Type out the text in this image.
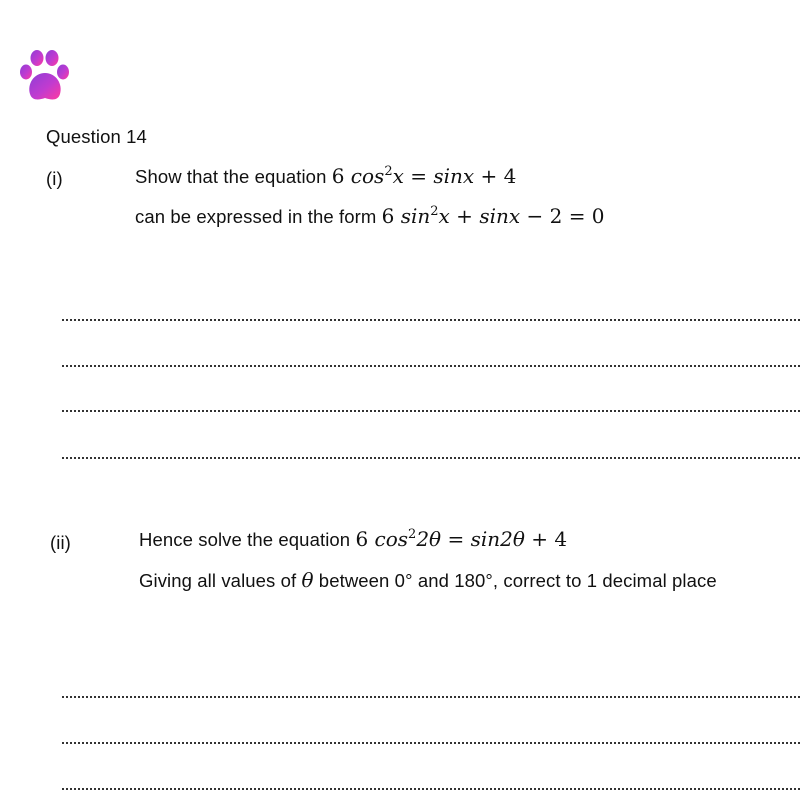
Question 14
(i)	Show that the equation 6 $\cos^2x = \sin x + 4$
can be expressed in the form 6 $\sin^2x + \sin x - 2 = 0$
(ii)	Hence solve the equation 6 $\cos^22\theta = \sin 2\theta + 4$
Giving all values of θ between 0° and 180°, correct to 1 decimal place
